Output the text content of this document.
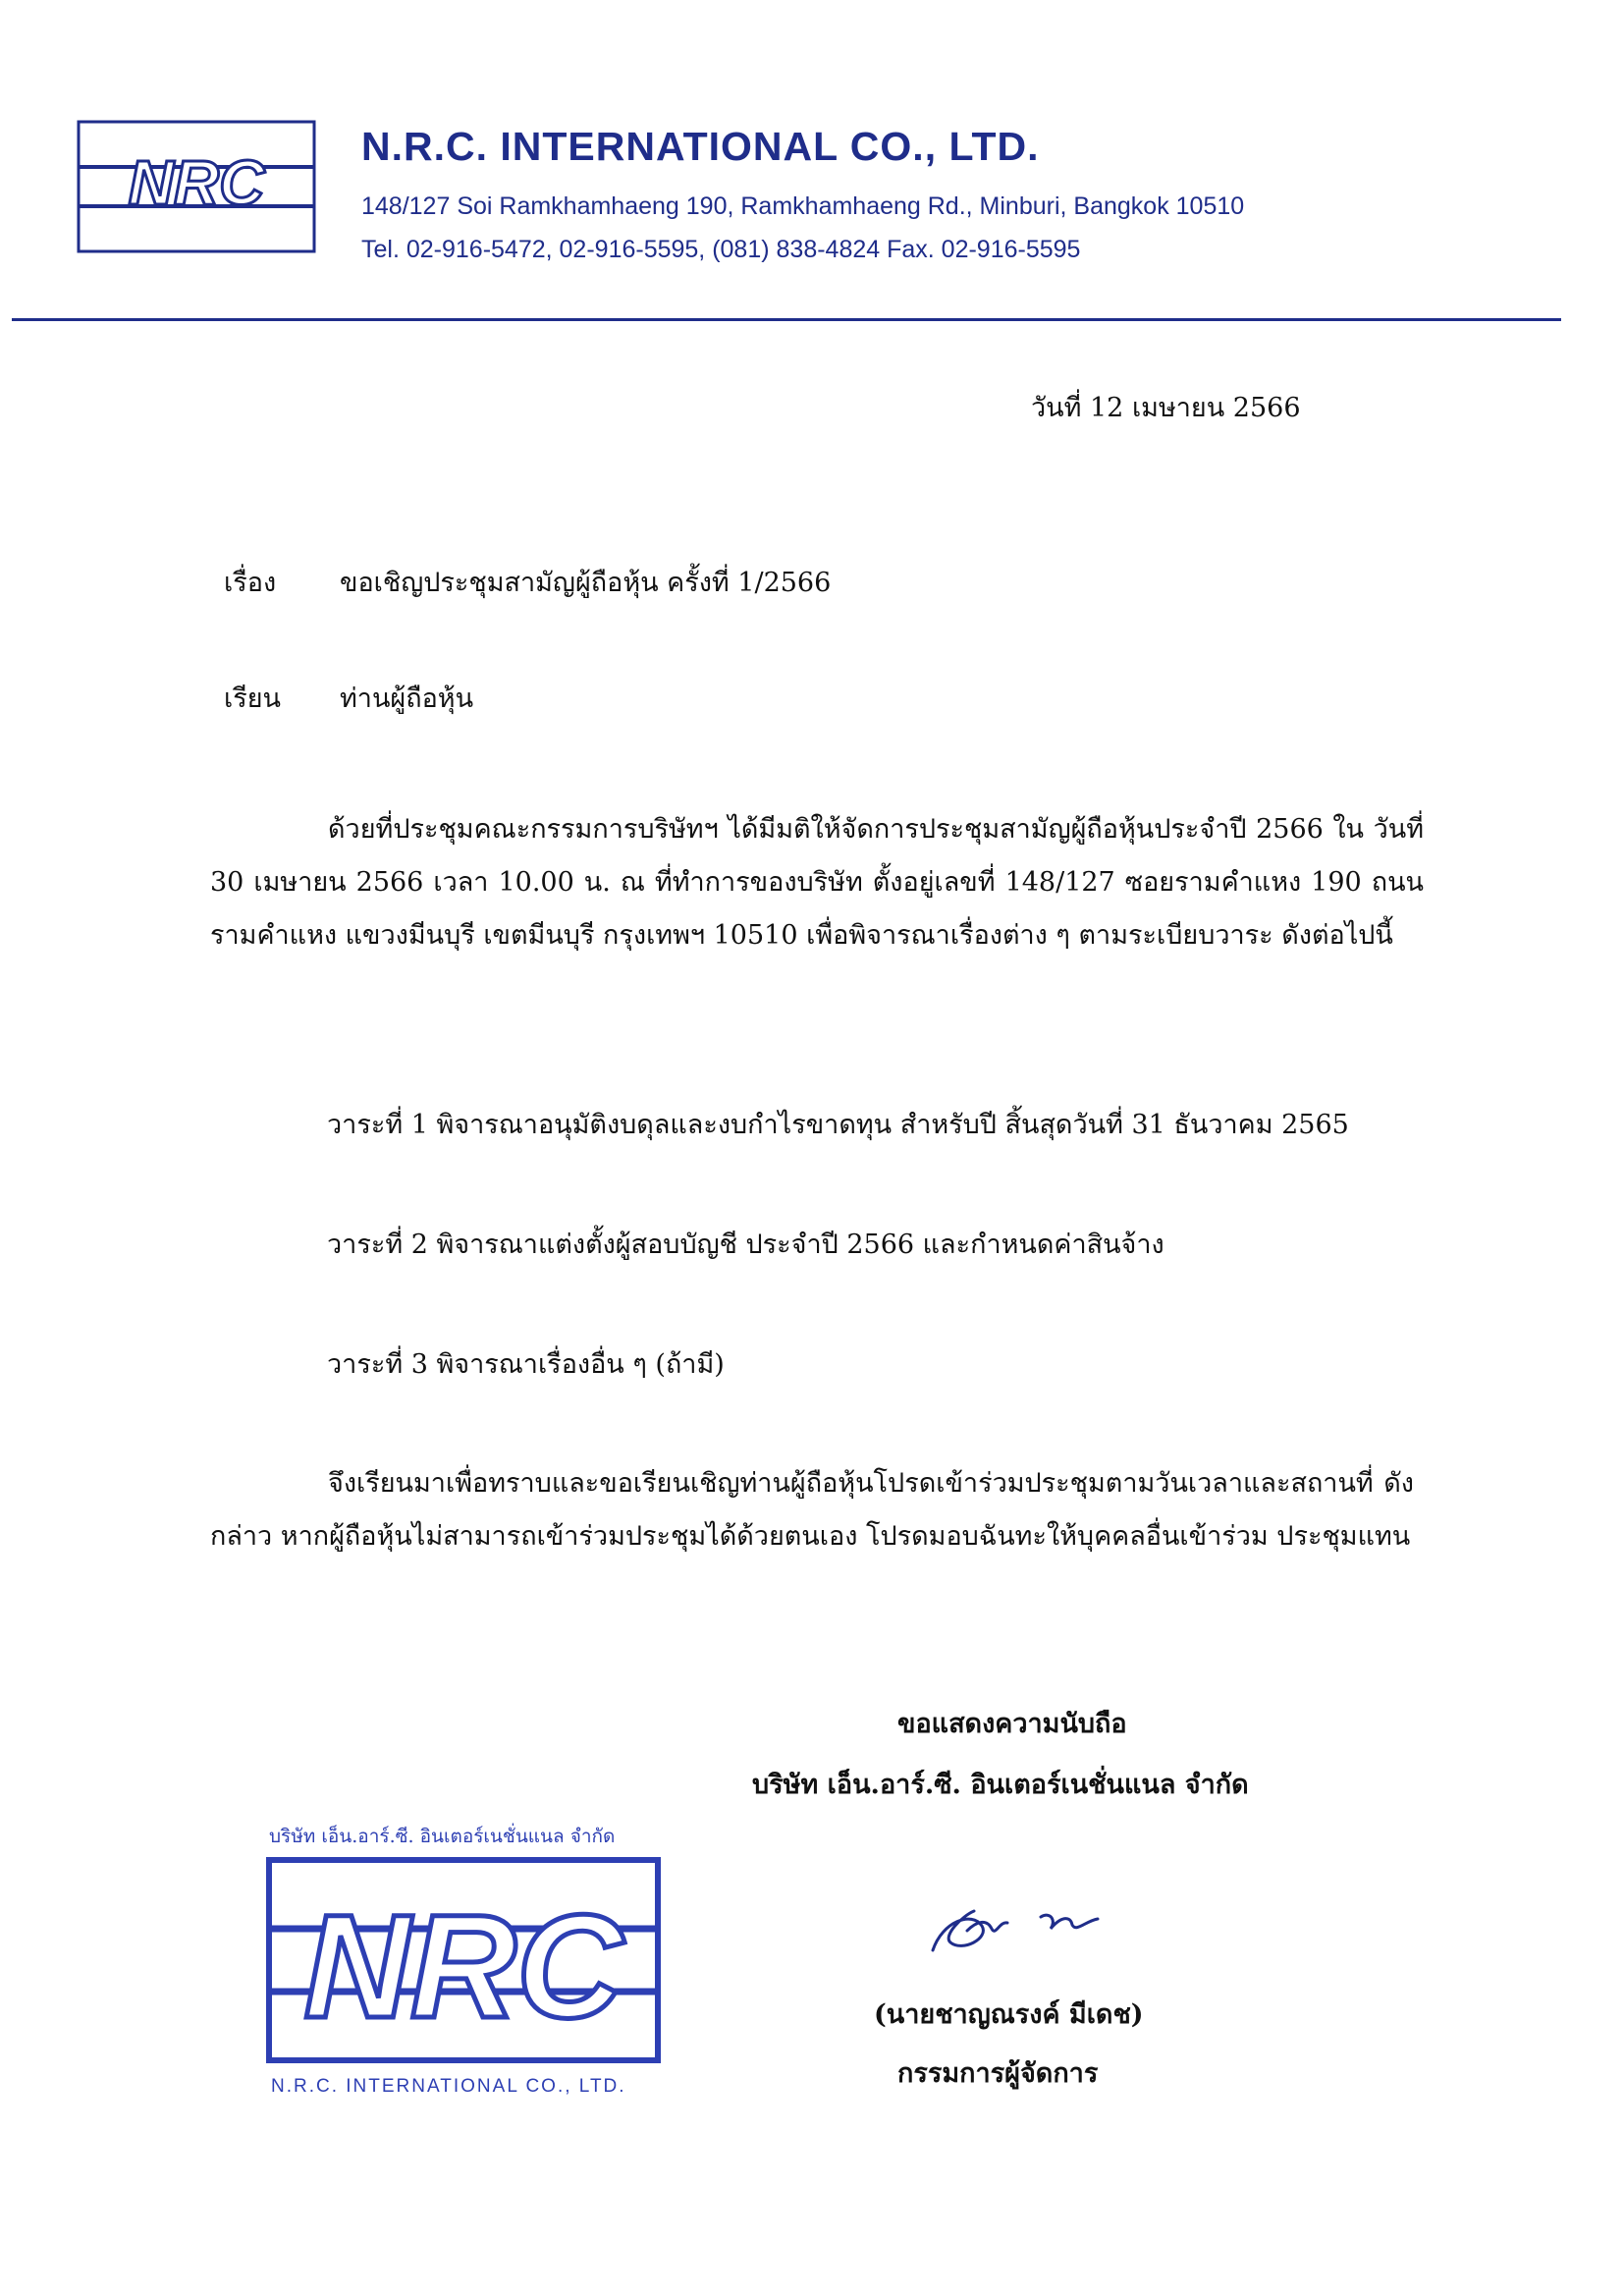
NRC
N.R.C. INTERNATIONAL CO., LTD.
148/127 Soi Ramkhamhaeng 190, Ramkhamhaeng Rd., Minburi, Bangkok 10510
Tel. 02-916-5472, 02-916-5595, (081) 838-4824 Fax. 02-916-5595
วันที่ 12 เมษายน 2566
เรื่อง ขอเชิญประชุมสามัญผู้ถือหุ้น ครั้งที่ 1/2566
เรียน ท่านผู้ถือหุ้น
ด้วยที่ประชุมคณะกรรมการบริษัทฯ ได้มีมติให้จัดการประชุมสามัญผู้ถือหุ้นประจำปี 2566 ใน วันที่ 30 เมษายน 2566 เวลา 10.00 น. ณ ที่ทำการของบริษัท ตั้งอยู่เลขที่ 148/127 ซอยรามคำแหง 190 ถนนรามคำแหง แขวงมีนบุรี เขตมีนบุรี กรุงเทพฯ 10510 เพื่อพิจารณาเรื่องต่าง ๆ ตามระเบียบวาระ ดังต่อไปนี้
วาระที่ 1 พิจารณาอนุมัติงบดุลและงบกำไรขาดทุน สำหรับปี สิ้นสุดวันที่ 31 ธันวาคม 2565
วาระที่ 2 พิจารณาแต่งตั้งผู้สอบบัญชี ประจำปี 2566 และกำหนดค่าสินจ้าง
วาระที่ 3 พิจารณาเรื่องอื่น ๆ (ถ้ามี)
จึงเรียนมาเพื่อทราบและขอเรียนเชิญท่านผู้ถือหุ้นโปรดเข้าร่วมประชุมตามวันเวลาและสถานที่ ดังกล่าว หากผู้ถือหุ้นไม่สามารถเข้าร่วมประชุมได้ด้วยตนเอง โปรดมอบฉันทะให้บุคคลอื่นเข้าร่วม ประชุมแทน
ขอแสดงความนับถือ
บริษัท เอ็น.อาร์.ซี. อินเตอร์เนชั่นแนล จำกัด
(นายชาญณรงค์ มีเดช)
กรรมการผู้จัดการ
บริษัท เอ็น.อาร์.ซี. อินเตอร์เนชั่นแนล จำกัด
NRC
N.R.C. INTERNATIONAL CO., LTD.
